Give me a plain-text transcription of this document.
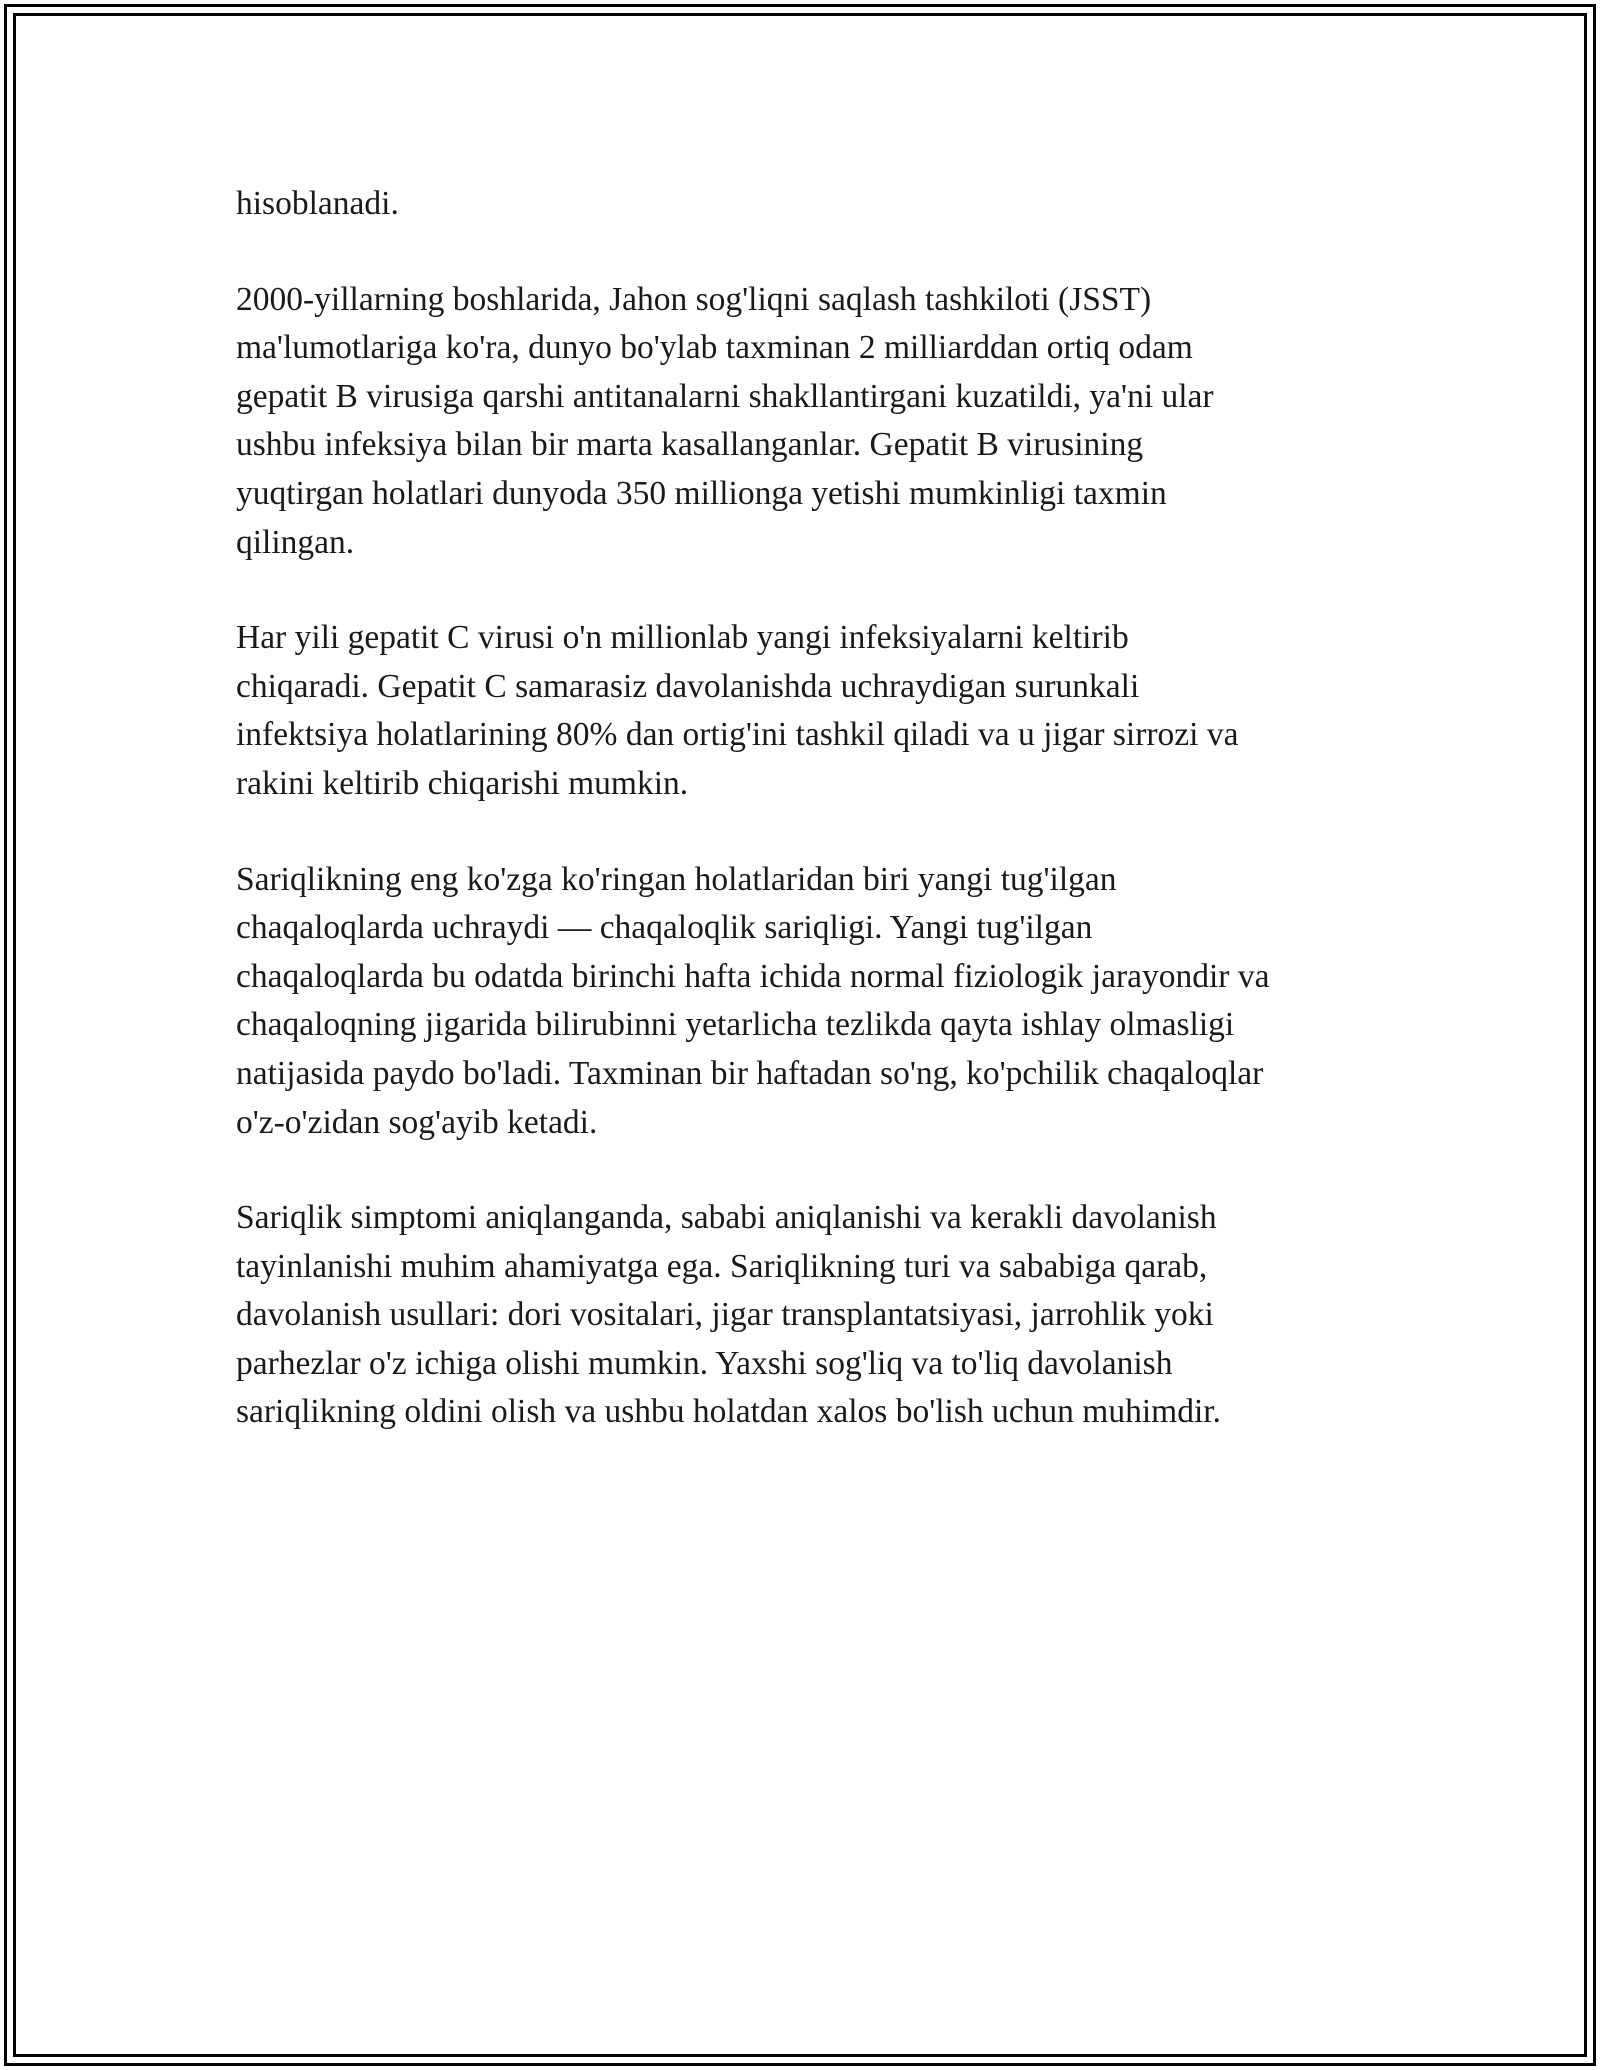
hisoblanadi.

2000-yillarning boshlarida, Jahon sog'liqni saqlash tashkiloti (JSST)
ma'lumotlariga ko'ra, dunyo bo'ylab taxminan 2 milliarddan ortiq odam
gepatit B virusiga qarshi antitanalarni shakllantirgani kuzatildi, ya'ni ular
ushbu infeksiya bilan bir marta kasallanganlar. Gepatit B virusining
yuqtirgan holatlari dunyoda 350 millionga yetishi mumkinligi taxmin
qilingan.

Har yili gepatit C virusi o'n millionlab yangi infeksiyalarni keltirib
chiqaradi. Gepatit C samarasiz davolanishda uchraydigan surunkali
infektsiya holatlarining 80% dan ortig'ini tashkil qiladi va u jigar sirrozi va
rakini keltirib chiqarishi mumkin.

Sariqlikning eng ko'zga ko'ringan holatlaridan biri yangi tug'ilgan
chaqaloqlarda uchraydi — chaqaloqlik sariqligi. Yangi tug'ilgan
chaqaloqlarda bu odatda birinchi hafta ichida normal fiziologik jarayondir va
chaqaloqning jigarida bilirubinni yetarlicha tezlikda qayta ishlay olmasligi
natijasida paydo bo'ladi. Taxminan bir haftadan so'ng, ko'pchilik chaqaloqlar
o'z-o'zidan sog'ayib ketadi.

Sariqlik simptomi aniqlanganda, sababi aniqlanishi va kerakli davolanish
tayinlanishi muhim ahamiyatga ega. Sariqlikning turi va sababiga qarab,
davolanish usullari: dori vositalari, jigar transplantatsiyasi, jarrohlik yoki
parhezlar o'z ichiga olishi mumkin. Yaxshi sog'liq va to'liq davolanish
sariqlikning oldini olish va ushbu holatdan xalos bo'lish uchun muhimdir.
